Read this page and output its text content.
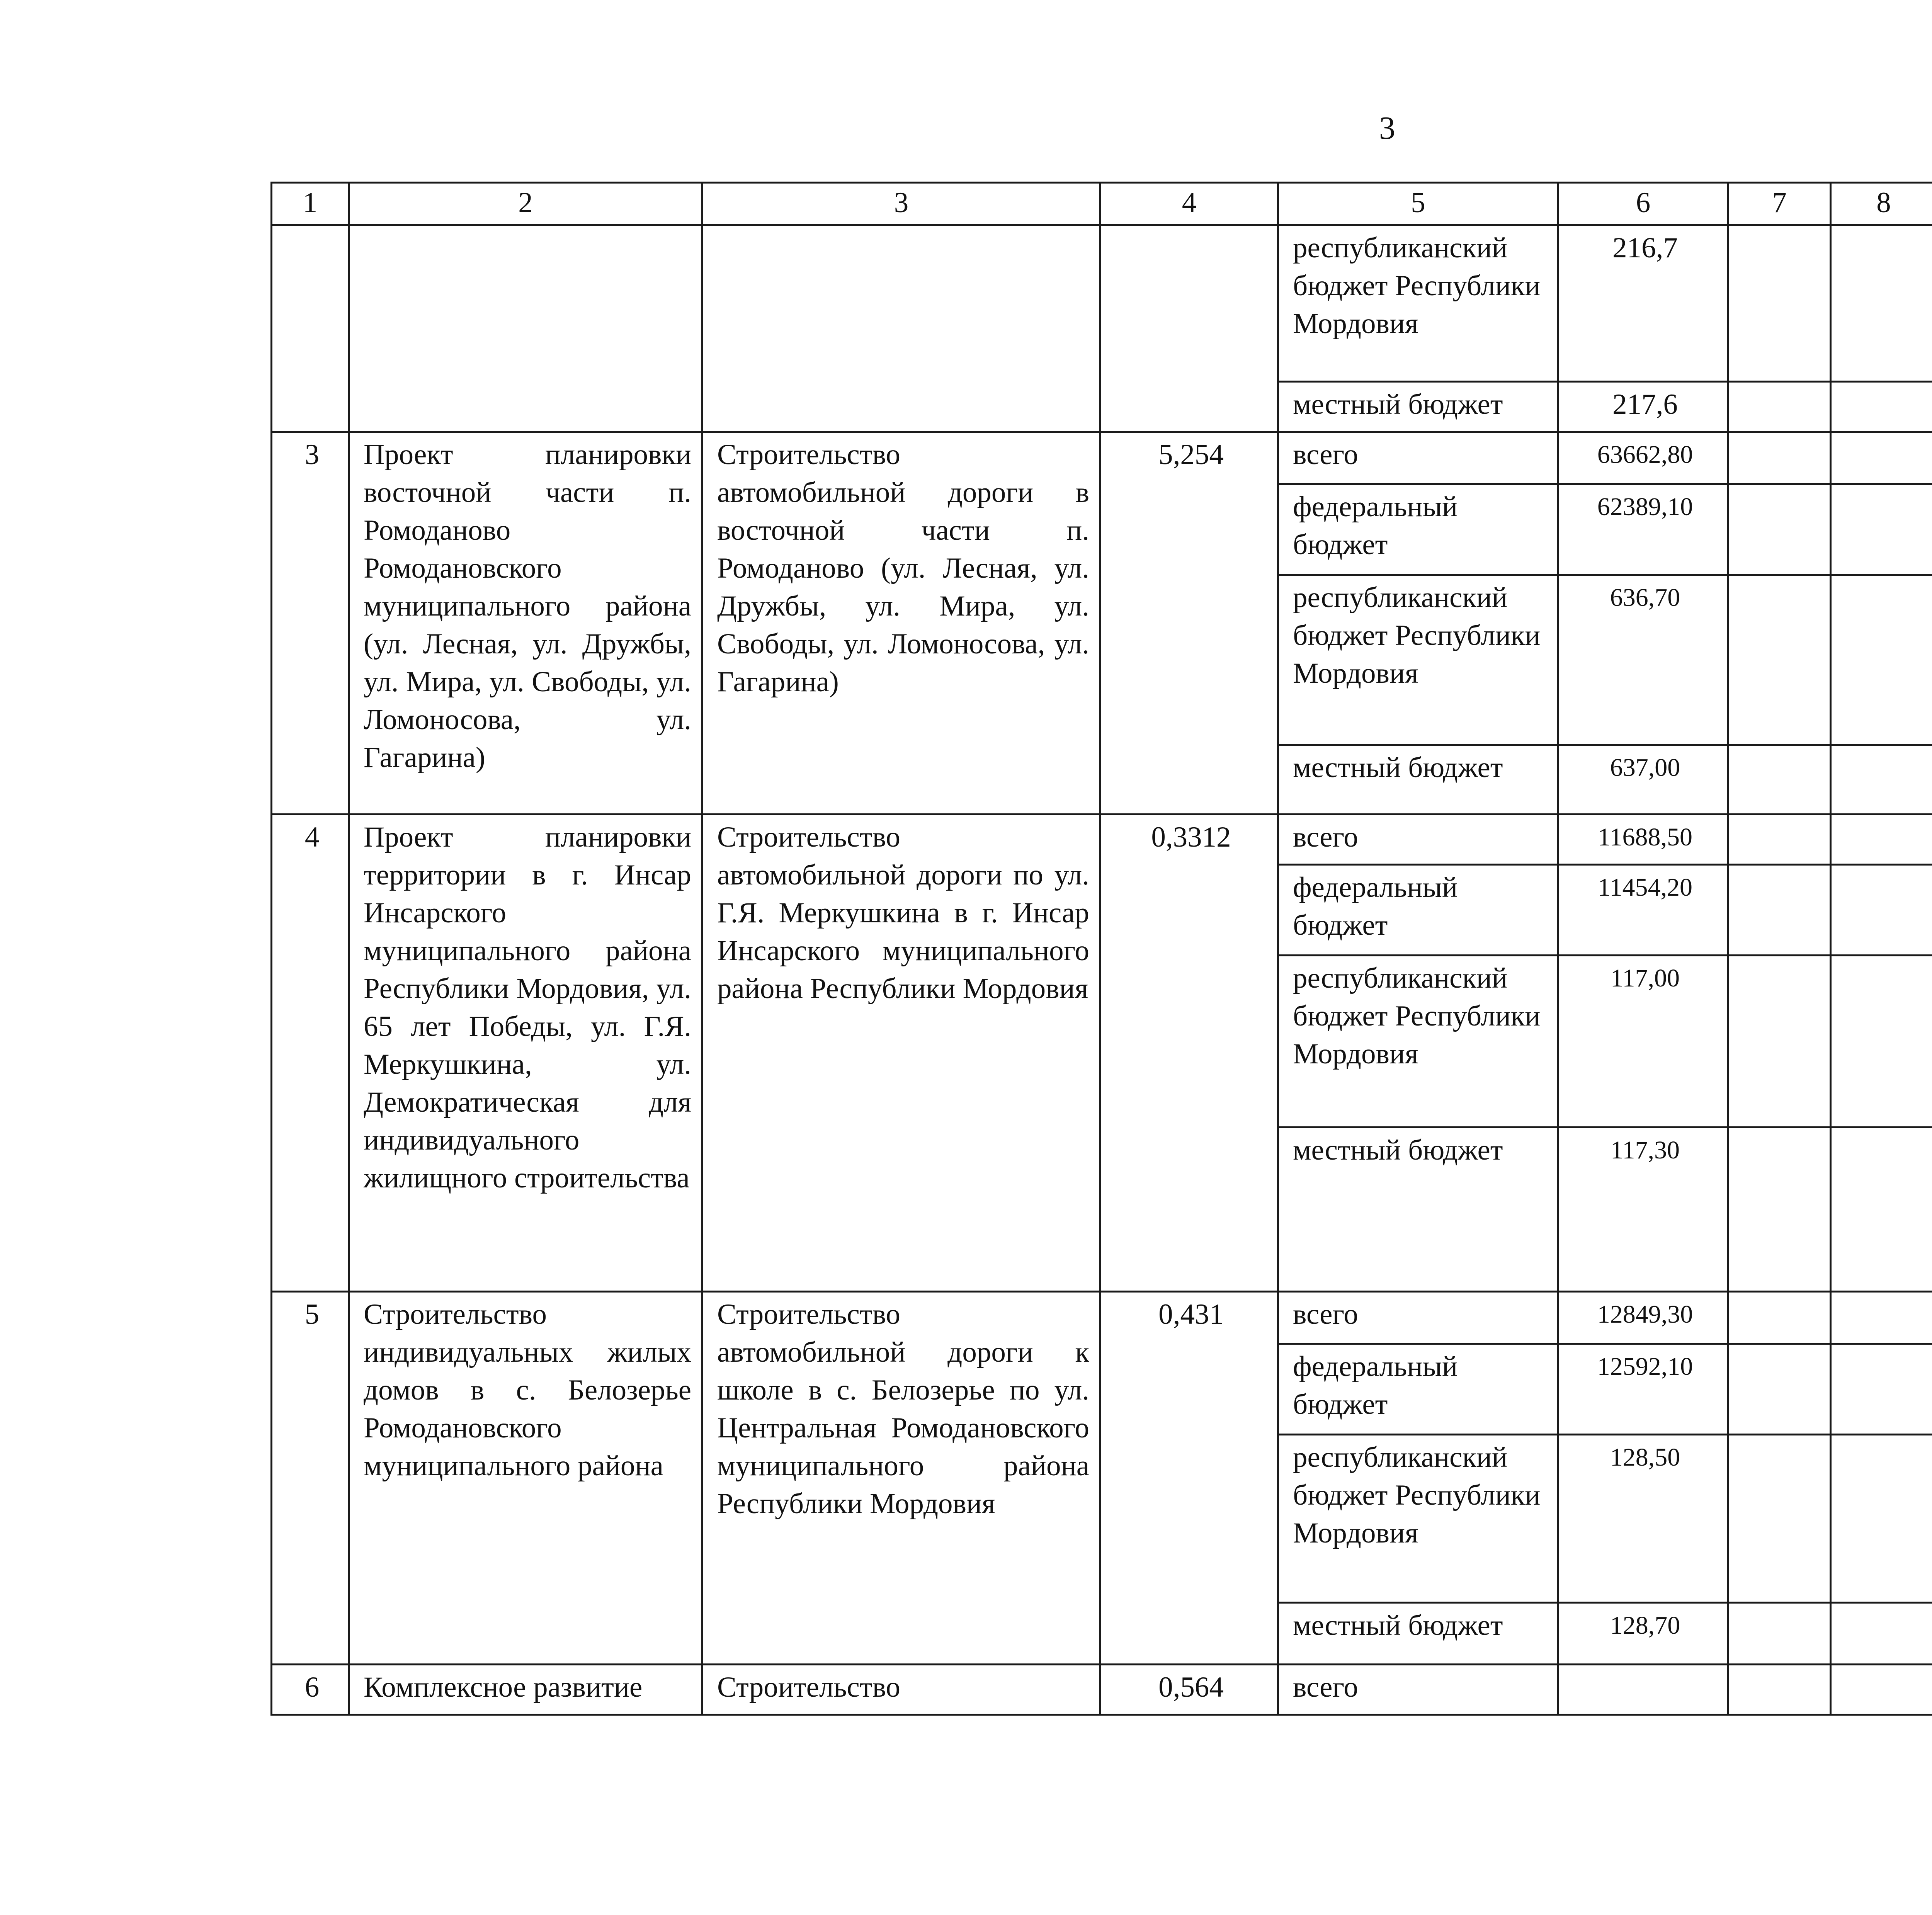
3
1	2	3	4	5	6	7	8					
				республиканский бюджет Республики Мордовия	216,7							
				местный бюджет	217,6							
3	Проект планировки восточной части п. Ромоданово Ромодановского муниципального района (ул. Лесная, ул. Дружбы, ул. Мира, ул. Свободы, ул. Ломоносова, ул. Гагарина)	Строительство автомобильной дороги в восточной части п. Ромоданово (ул. Лесная, ул. Дружбы, ул. Мира, ул. Свободы, ул. Ломоносова, ул. Гагарина)	5,254	всего	63662,80							
				федеральный бюджет	62389,10							
				республиканский бюджет Республики Мордовия	636,70							
				местный бюджет	637,00							
4	Проект планировки территории в г. Инсар Инсарского муниципального района Республики Мордовия, ул. 65 лет Победы, ул. Г.Я. Меркушкина, ул. Демократическая для индивидуального жилищного строительства	Строительство автомобильной дороги по ул. Г.Я. Меркушкина в г. Инсар Инсарского муниципального района Республики Мордовия	0,3312	всего	11688,50							
				федеральный бюджет	11454,20							
				республиканский бюджет Республики Мордовия	117,00							
				местный бюджет	117,30							
5	Строительство индивидуальных жилых домов в с. Белозерье Ромодановского муниципального района	Строительство автомобильной дороги к школе в с. Белозерье по ул. Центральная Ромодановского муниципального района Республики Мордовия	0,431	всего	12849,30							
				федеральный бюджет	12592,10							
				республиканский бюджет Республики Мордовия	128,50							
				местный бюджет	128,70							
6	Комплексное развитие	Строительство	0,564	всего								
